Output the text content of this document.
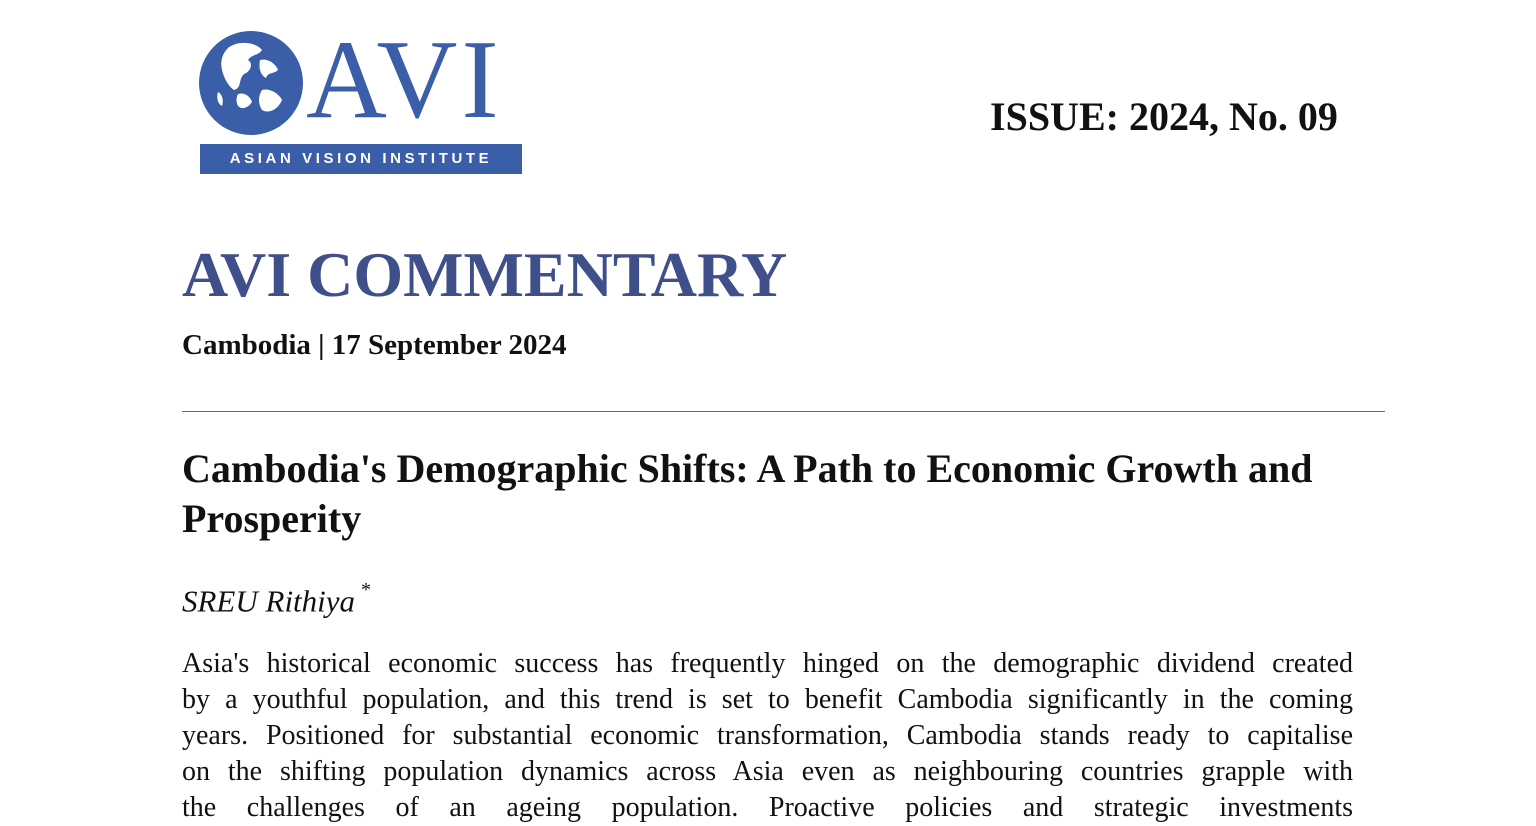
AVI
ASIAN VISION INSTITUTE
ISSUE: 2024, No. 09
AVI COMMENTARY
Cambodia | 17 September 2024
Cambodia's Demographic Shifts: A Path to Economic Growth and Prosperity
SREU Rithiya *
Asia's historical economic success has frequently hinged on the demographic dividend created
by a youthful population, and this trend is set to benefit Cambodia significantly in the coming
years. Positioned for substantial economic transformation, Cambodia stands ready to capitalise
on the shifting population dynamics across Asia even as neighbouring countries grapple with
the challenges of an ageing population. Proactive policies and strategic investments
